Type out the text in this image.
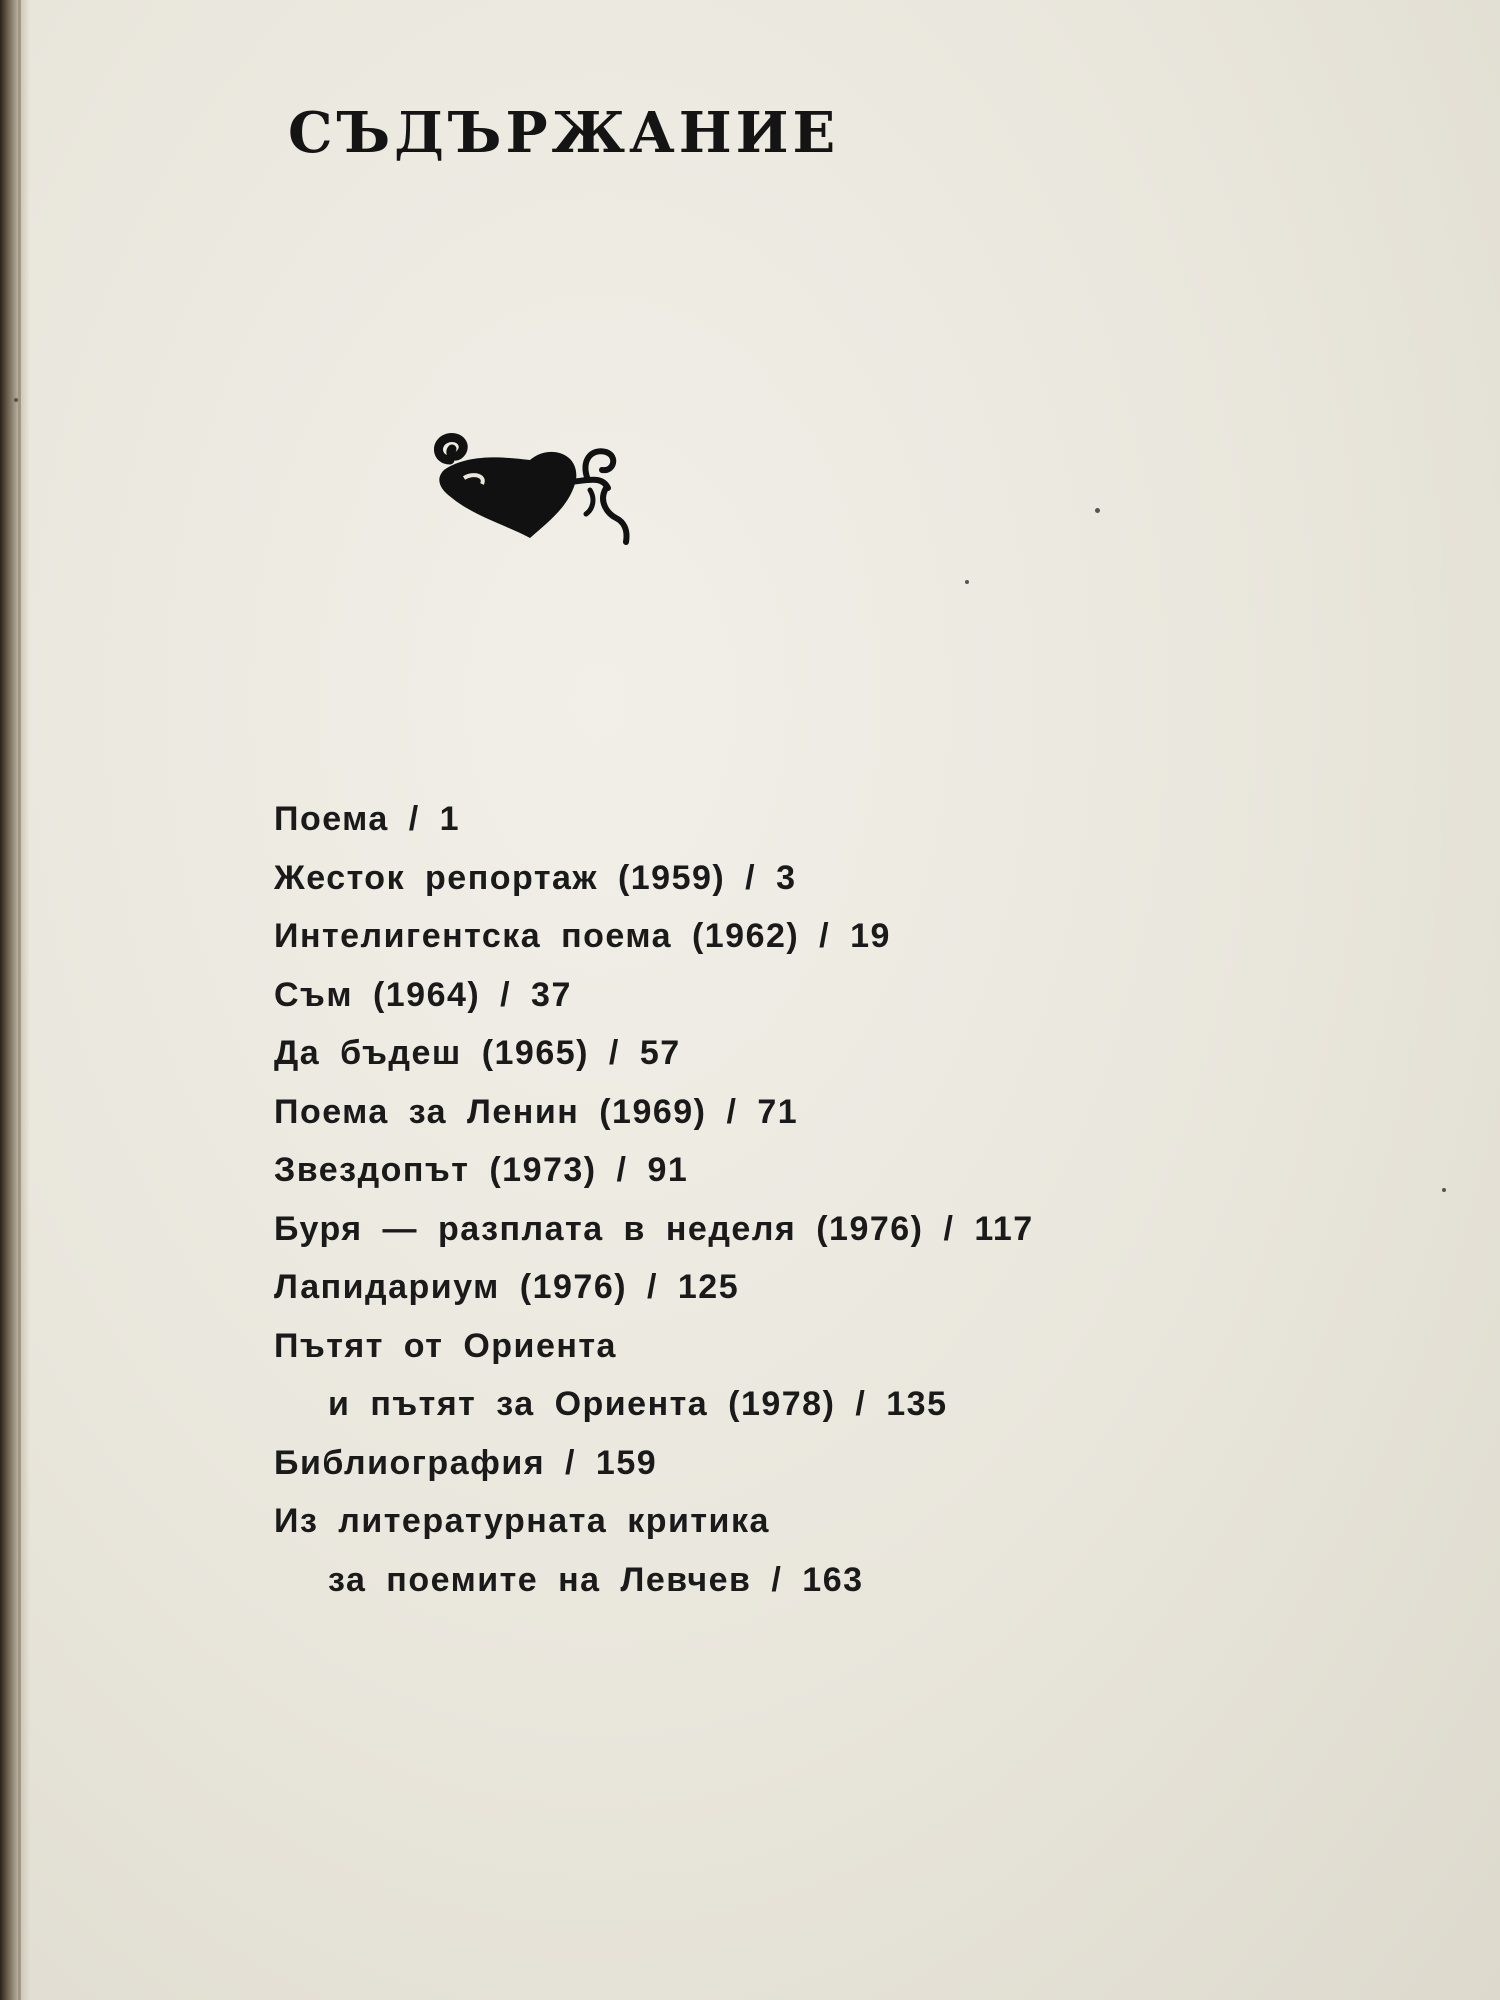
СЪДЪРЖАНИЕ
Поема / 1
Жесток репортаж (1959) / 3
Интелигентска поема (1962) / 19
Съм (1964) / 37
Да бъдеш (1965) / 57
Поема за Ленин (1969) / 71
Звездопът (1973) / 91
Буря — разплата в неделя (1976) / 117
Лапидариум (1976) / 125
Пътят от Ориента
и пътят за Ориента (1978) / 135
Библиография / 159
Из литературната критика
за поемите на Левчев / 163
